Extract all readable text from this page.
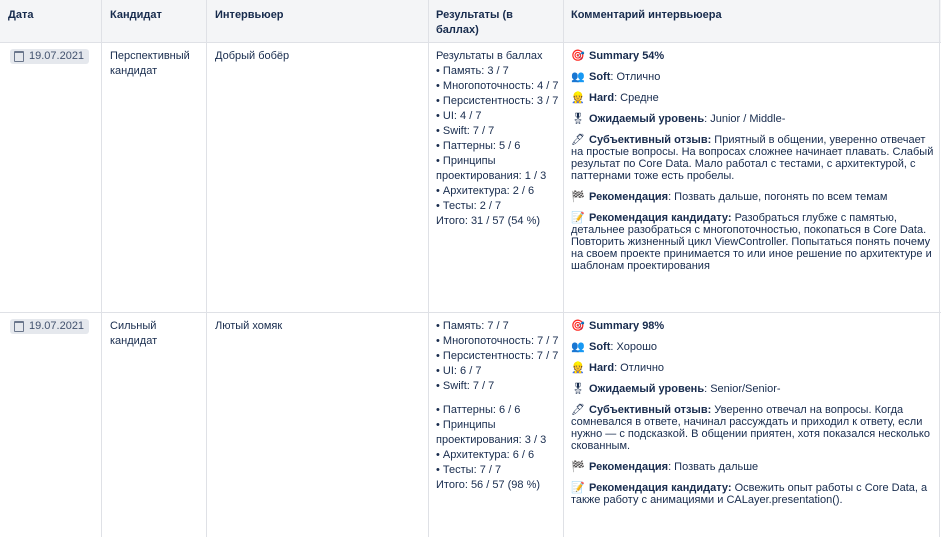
Дата	Кандидат	Интервьюер	Результаты (в баллах)
Комментарий интервьюера
19.07.2021 Перспективный
кандидат
Добрый бобёр	Результаты в баллах
• Память: 3 / 7
• Многопоточность: 4 / 7
• Персистентность: 3 / 7
• UI: 4 / 7
• Swift: 7 / 7
• Паттерны: 5 / 6
• Принципы проектирования: 1 / 3
• Архитектура: 2 / 6
• Тесты: 2 / 7
Итого: 31 / 57 (54 %)
🎯 Summary 54%
👥 Soft: Отлично
👷 Hard: Средне
🎖 Ожидаемый уровень: Junior / Middle-
🖊 Субъективный отзыв: Приятный в общении, уверенно отвечает на простые вопросы. На вопросах сложнее начинает плавать. Слабый результат по Core Data. Мало работал с тестами, с архитектурой, с паттернами тоже есть пробелы.
🏁 Рекомендация: Позвать дальше, погонять по всем темам
📝 Рекомендация кандидату: Разобраться глубже с памятью, детальнее разобраться с многопоточностью, покопаться в Core Data. Повторить жизненный цикл ViewController. Попытаться понять почему на своем проекте принимается то или иное решение по архитектуре и шаблонам проектирования
19.07.2021 Сильный
кандидат
Лютый хомяк
•	Память: 7 / 7
• Многопоточность: 7 / 7
• Персистентность: 7 / 7
• UI: 6 / 7
• Swift: 7 / 7
• Паттерны: 6 / 6
• Принципы проектирования: 3 / 3
• Архитектура: 6 / 6
• Тесты: 7 / 7
Итого: 56 / 57 (98 %)
🎯 Summary 98%
👥 Soft: Хорошо
👷 Hard: Отлично
🎖 Ожидаемый уровень: Senior/Senior-
🖊 Субъективный отзыв: Уверенно отвечал на вопросы. Когда сомневался в ответе, начинал рассуждать и приходил к ответу, если нужно — с подсказкой. В общении приятен, хотя показался несколько скованным.
🏁 Рекомендация: Позвать дальше
📝 Рекомендация кандидату: Освежить опыт работы с Core Data, а также работу с анимациями и CALayer.presentation().
